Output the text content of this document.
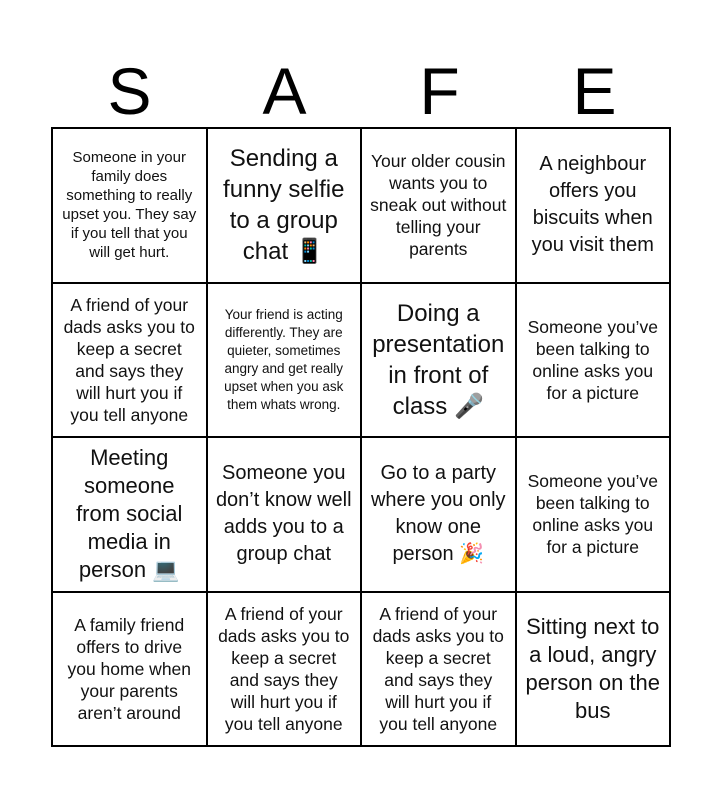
S	A	F	E
Someone in your family does something to really upset you. They say if you tell that you will get hurt.
Sending a funny selfie to a group chat 📱
Your older cousin wants you to sneak out without telling your parents
A neighbour offers you biscuits when you visit them
A friend of your dads asks you to keep a secret and says they will hurt you if you tell anyone
Your friend is acting differently. They are quieter, sometimes angry and get really upset when you ask them whats wrong.
Doing a presentation in front of class 🎤
Someone you’ve been talking to online asks you for a picture
Meeting someone from social media in person 💻
Someone you don’t know well adds you to a group chat
Go to a party where you only know one person 🎉
Someone you’ve been talking to online asks you for a picture
A family friend offers to drive you home when your parents aren’t around
A friend of your dads asks you to keep a secret and says they will hurt you if you tell anyone
A friend of your dads asks you to keep a secret and says they will hurt you if you tell anyone
Sitting next to a loud, angry person on the bus
